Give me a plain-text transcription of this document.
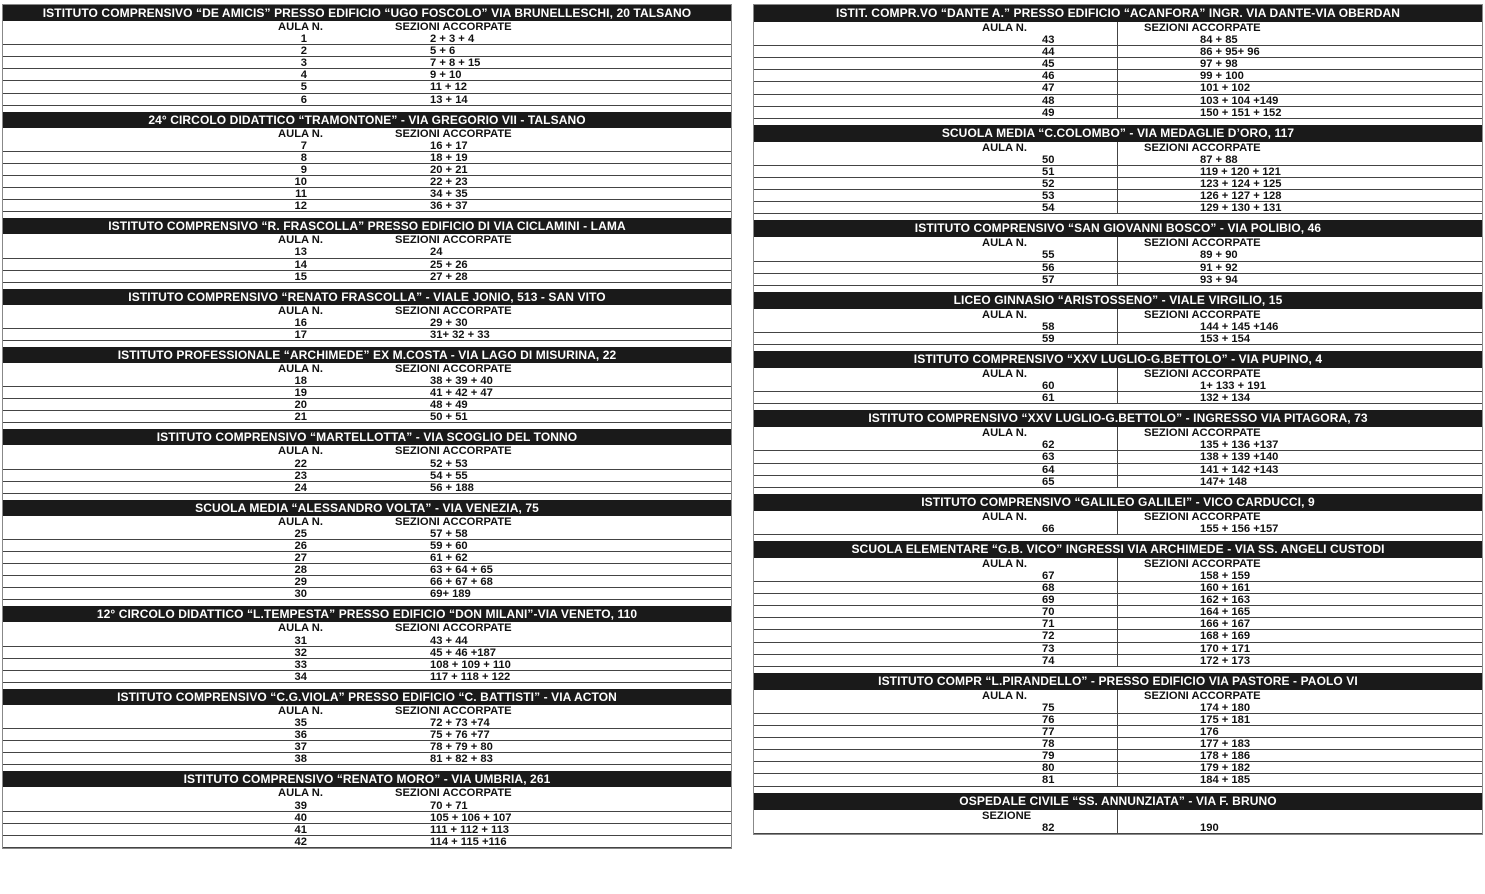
ISTITUTO COMPRENSIVO “DE AMICIS” PRESSO EDIFICIO “UGO FOSCOLO” VIA BRUNELLESCHI, 20 TALSANO
AULA N.	SEZIONI ACCORPATE
1	2 + 3 + 4
2	5 + 6
3	7 + 8 + 15
4	9 + 10
5	11 + 12
6	13 + 14
24° CIRCOLO DIDATTICO “TRAMONTONE” - VIA GREGORIO VII - TALSANO
AULA N.	SEZIONI ACCORPATE
7	16 + 17
8	18 + 19
9	20 + 21
10	22 + 23
11	34 + 35
12	36 + 37
ISTITUTO COMPRENSIVO “R. FRASCOLLA” PRESSO EDIFICIO DI VIA CICLAMINI - LAMA
AULA N.	SEZIONI ACCORPATE
13	24
14	25 + 26
15	27 + 28
ISTITUTO COMPRENSIVO “RENATO FRASCOLLA” - VIALE JONIO, 513 - SAN VITO
AULA N.	SEZIONI ACCORPATE
16	29 + 30
17	31+ 32 + 33
ISTITUTO PROFESSIONALE “ARCHIMEDE” EX M.COSTA - VIA LAGO DI MISURINA, 22
AULA N.	SEZIONI ACCORPATE
18	38 + 39 + 40
19	41 + 42 + 47
20	48 + 49
21	50 + 51
ISTITUTO COMPRENSIVO “MARTELLOTTA” - VIA SCOGLIO DEL TONNO
AULA N.	SEZIONI ACCORPATE
22	52 + 53
23	54 + 55
24	56 + 188
SCUOLA MEDIA “ALESSANDRO VOLTA” - VIA VENEZIA, 75
AULA N.	SEZIONI ACCORPATE
25	57 + 58
26	59 + 60
27	61 + 62
28	63 + 64 + 65
29	66 + 67 + 68
30	69+ 189
12° CIRCOLO DIDATTICO “L.TEMPESTA” PRESSO EDIFICIO “DON MILANI”-VIA VENETO, 110
AULA N.	SEZIONI ACCORPATE
31	43 + 44
32	45 + 46 +187
33	108 + 109 + 110
34	117 + 118 + 122
ISTITUTO COMPRENSIVO “C.G.VIOLA” PRESSO EDIFICIO “C. BATTISTI” - VIA ACTON
AULA N.	SEZIONI ACCORPATE
35	72 + 73 +74
36	75 + 76 +77
37	78 + 79 + 80
38	81 + 82 + 83
ISTITUTO COMPRENSIVO “RENATO MORO” - VIA UMBRIA, 261
AULA N.	SEZIONI ACCORPATE
39	70 + 71
40	105 + 106 + 107
41	111 + 112 + 113
42	114 + 115 +116
ISTIT. COMPR.VO “DANTE A.” PRESSO EDIFICIO “ACANFORA” INGR. VIA DANTE-VIA OBERDAN
AULA N.	SEZIONI ACCORPATE
43	84 + 85
44	86 + 95+ 96
45	97 + 98
46	99 + 100
47	101 + 102
48	103 + 104 +149
49	150 + 151 + 152
SCUOLA MEDIA “C.COLOMBO” - VIA MEDAGLIE D’ORO, 117
AULA N.	SEZIONI ACCORPATE
50	87 + 88
51	119 + 120 + 121
52	123 + 124 + 125
53	126 + 127 + 128
54	129 + 130 + 131
ISTITUTO COMPRENSIVO “SAN GIOVANNI BOSCO” - VIA POLIBIO, 46
AULA N.	SEZIONI ACCORPATE
55	89 + 90
56	91 + 92
57	93 + 94
LICEO GINNASIO “ARISTOSSENO” - VIALE VIRGILIO, 15
AULA N.	SEZIONI ACCORPATE
58	144 + 145 +146
59	153 + 154
ISTITUTO COMPRENSIVO “XXV LUGLIO-G.BETTOLO” - VIA PUPINO, 4
AULA N.	SEZIONI ACCORPATE
60	1+ 133 + 191
61	132 + 134
ISTITUTO COMPRENSIVO “XXV LUGLIO-G.BETTOLO” - INGRESSO VIA PITAGORA, 73
AULA N.	SEZIONI ACCORPATE
62	135 + 136 +137
63	138 + 139 +140
64	141 + 142 +143
65	147+ 148
ISTITUTO COMPRENSIVO “GALILEO GALILEI” - VICO CARDUCCI, 9
AULA N.	SEZIONI ACCORPATE
66	155 + 156 +157
SCUOLA ELEMENTARE “G.B. VICO” INGRESSI VIA ARCHIMEDE - VIA SS. ANGELI CUSTODI
AULA N.	SEZIONI ACCORPATE
67	158 + 159
68	160 + 161
69	162 + 163
70	164 + 165
71	166 + 167
72	168 + 169
73	170 + 171
74	172 + 173
ISTITUTO COMPR “L.PIRANDELLO” - PRESSO EDIFICIO VIA PASTORE - PAOLO VI
AULA N.	SEZIONI ACCORPATE
75	174 + 180
76	175 + 181
77	176
78	177 + 183
79	178 + 186
80	179 + 182
81	184 + 185
OSPEDALE CIVILE “SS. ANNUNZIATA” - VIA F. BRUNO
SEZIONE
82	190
